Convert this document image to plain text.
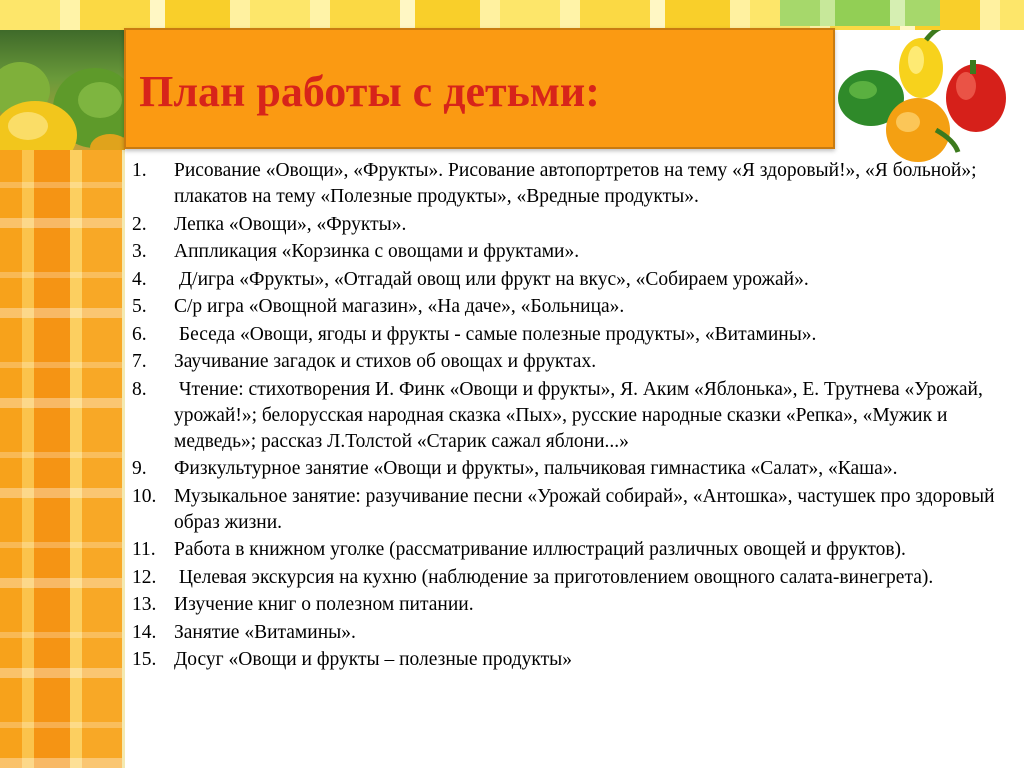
План работы с детьми:
1.	Рисование «Овощи», «Фрукты». Рисование автопортретов на тему «Я здоровый!», «Я больной»; плакатов на тему «Полезные продукты», «Вредные продукты».
2.	Лепка «Овощи», «Фрукты».
3.	Аппликация «Корзинка с овощами и фруктами».
4.	Д/игра «Фрукты», «Отгадай овощ или фрукт на вкус», «Собираем урожай».
5.	С/р игра «Овощной магазин», «На даче», «Больница».
6.	Беседа «Овощи, ягоды и фрукты - самые полезные продукты», «Витамины».
7.	Заучивание загадок и стихов об овощах и фруктах.
8.	Чтение: стихотворения И. Финк «Овощи и фрукты», Я. Аким «Яблонька», Е. Трутнева «Урожай, урожай!»; белорусская народная сказка «Пых», русские народные сказки «Репка», «Мужик и медведь»; рассказ Л.Толстой «Старик сажал яблони...»
9.	Физкультурное занятие «Овощи и фрукты», пальчиковая гимнастика «Салат», «Каша».
10. Музыкальное занятие: разучивание песни «Урожай собирай», «Антошка», частушек про здоровый образ жизни.
11. Работа в книжном уголке (рассматривание иллюстраций различных овощей и фруктов).
12. Целевая экскурсия на кухню (наблюдение за приготовлением овощного салата-винегрета).
13. Изучение книг о полезном питании.
14. Занятие «Витамины».
15. Досуг «Овощи и фрукты – полезные продукты»
